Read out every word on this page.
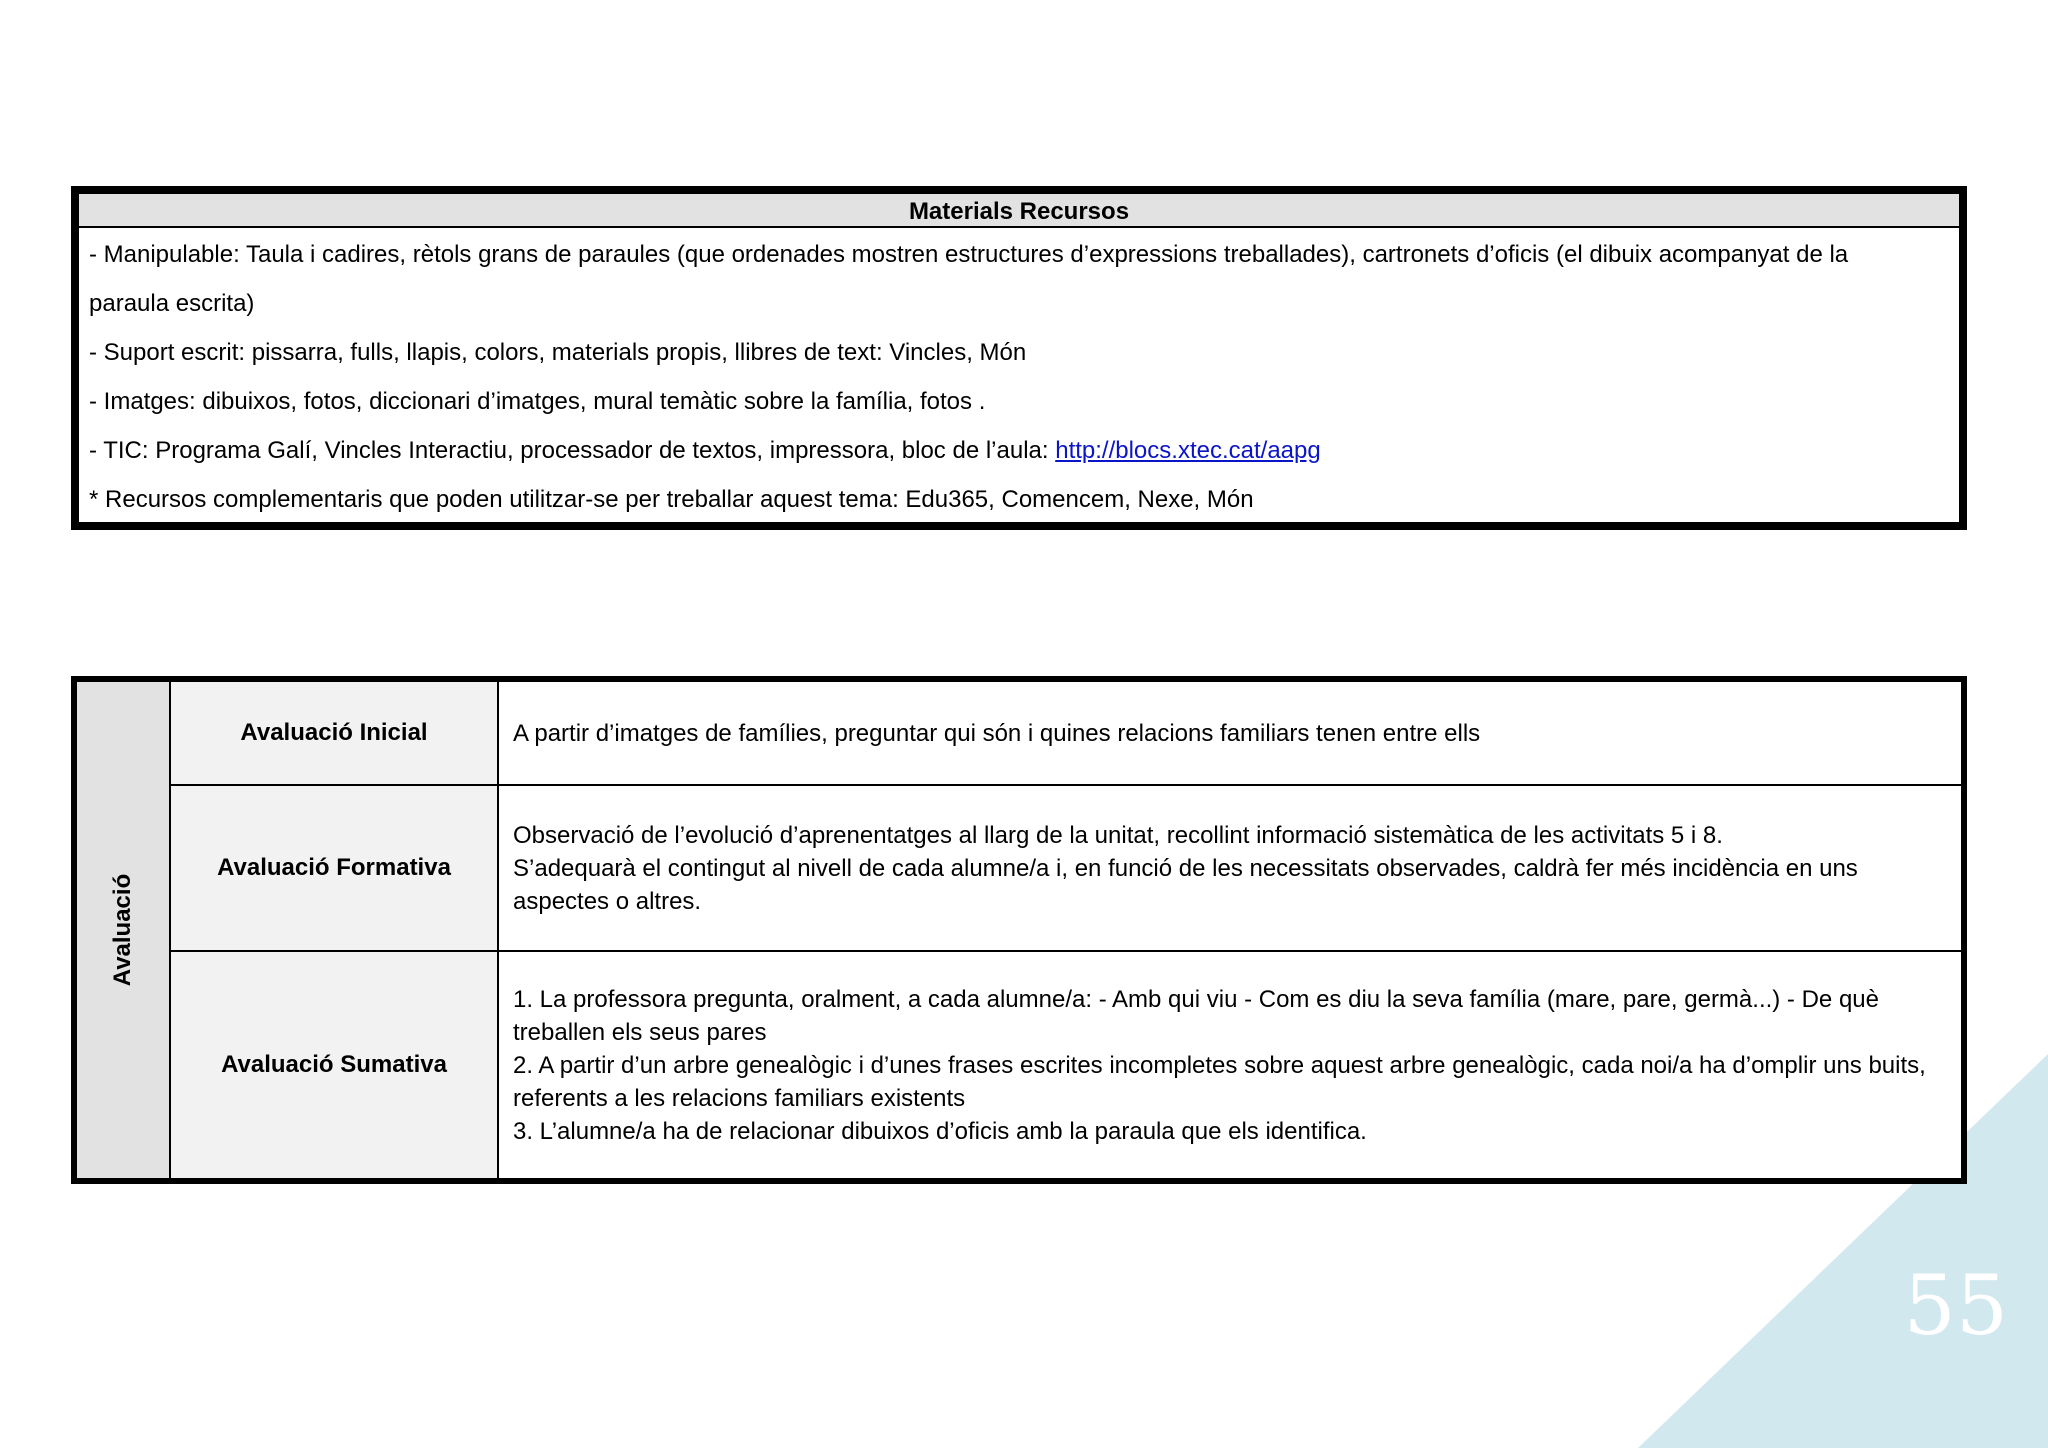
55
Materials Recursos

- Manipulable: Taula i cadires, rètols grans de paraules (que ordenades mostren estructures d’expressions treballades), cartronets d’oficis (el dibuix acompanyat de la

paraula escrita)

- Suport escrit: pissarra, fulls, llapis, colors, materials propis, llibres de text: Vincles, Món

- Imatges: dibuixos, fotos, diccionari d’imatges, mural temàtic sobre la família, fotos .

- TIC: Programa Galí, Vincles Interactiu, processador de textos, impressora, bloc de l’aula: http://blocs.xtec.cat/aapg

* Recursos complementaris que poden utilitzar-se per treballar aquest tema: Edu365, Comencem, Nexe, Món

Avaluació
Avaluació Inicial	A partir d’imatges de famílies, preguntar qui són i quines relacions familiars tenen entre ells

Avaluació Formativa

Observació de l’evolució d’aprenentatges al llarg de la unitat, recollint informació sistemàtica de les activitats 5 i 8.

S’adequarà el contingut al nivell de cada alumne/a i, en funció de les necessitats observades, caldrà fer més incidència en uns aspectes o altres.

Avaluació Sumativa

1. La professora pregunta, oralment, a cada alumne/a: - Amb qui viu - Com es diu la seva família (mare, pare, germà...) - De què treballen els seus pares

2. A partir d’un arbre genealògic i d’unes frases escrites incompletes sobre aquest arbre genealògic, cada noi/a ha d’omplir uns buits, referents a les relacions familiars existents

3. L’alumne/a ha de relacionar dibuixos d’oficis amb la paraula que els identifica.
